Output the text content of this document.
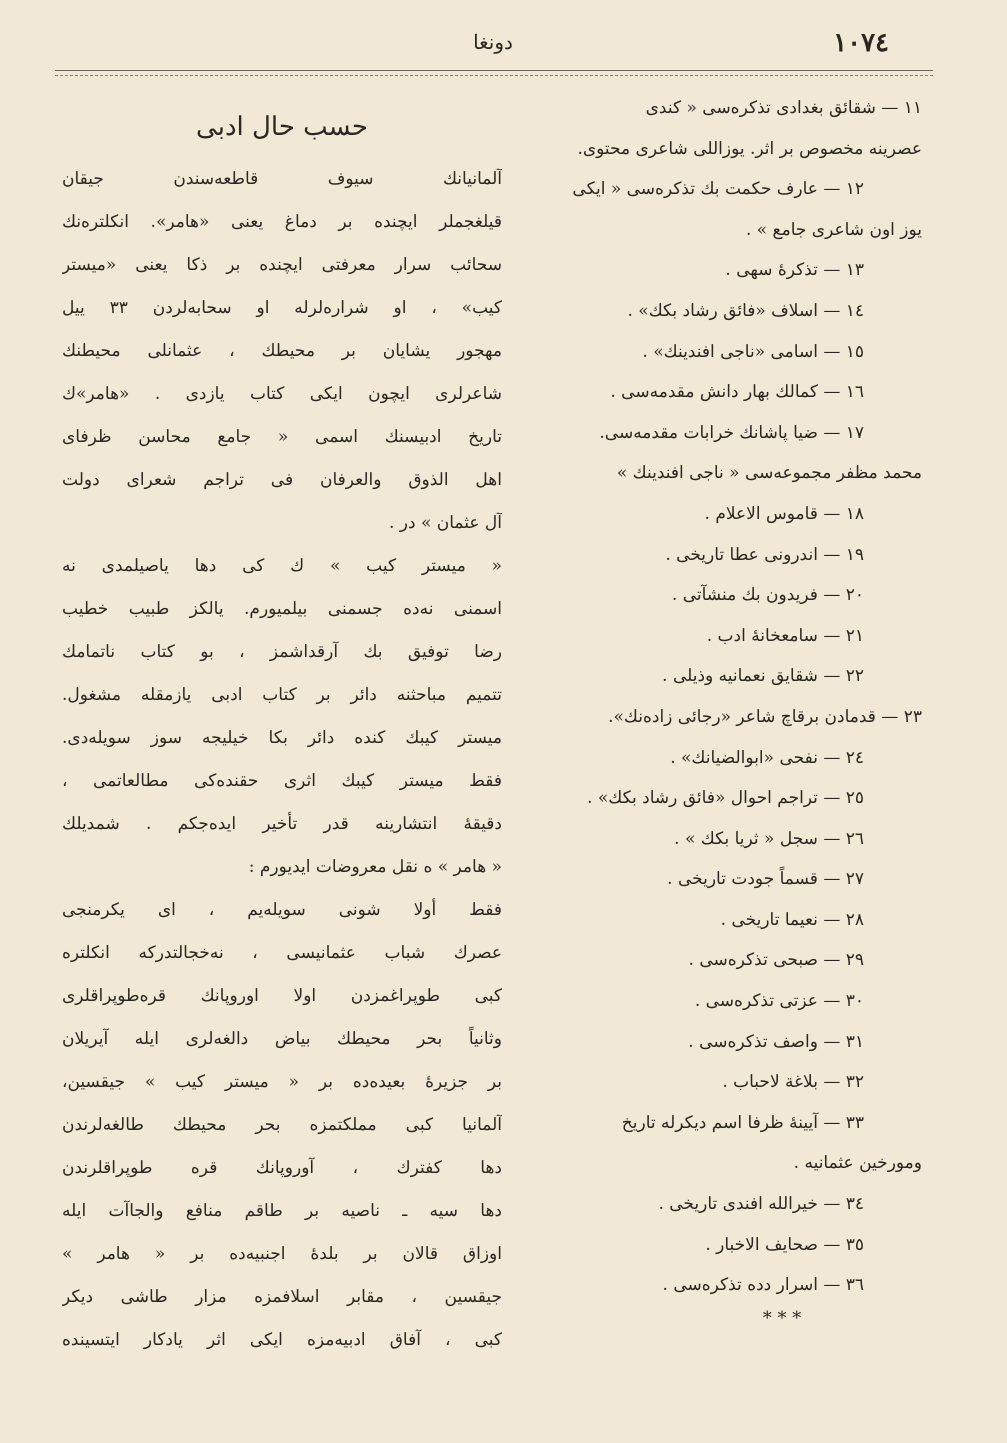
١٠٧٤
دونغا
١١ — شقائق بغدادی تذکرەسی « کندی
عصرینه مخصوص بر اثر. یوزاللی شاعری محتوی.
١٢ — عارف حکمت بك تذکرەسی « ایکی
یوز اون شاعری جامع » .
١٣ — تذکرۀ سهی .
١٤ — اسلاف «فائق رشاد بکك» .
١٥ — اسامی «ناجی افندینك» .
١٦ — کمالك بهار دانش مقدمەسی .
١٧ — ضیا پاشانك خرابات مقدمەسی.
محمد مظفر مجموعەسی « ناجی افندینك »
١٨ — قاموس الاعلام .
١٩ — اندرونی عطا تاریخی .
٢٠ — فریدون بك منشآتی .
٢١ — سامعخانۀ ادب .
٢٢ — شقایق نعمانیه وذیلی .
٢٣ — قدمادن برقاچ شاعر «رجائی زادەنك».
٢٤ — نفحی «ابوالضیانك» .
٢٥ — تراجم احوال «فائق رشاد بکك» .
٢٦ — سجل « ثریا بکك » .
٢٧ — قسماً جودت تاریخی .
٢٨ — نعیما تاریخی .
٢٩ — صبحی تذکرەسی .
٣٠ — عزتی تذکرەسی .
٣١ — واصف تذکرەسی .
٣٢ — بلاغة لاحباب .
٣٣ — آیینۀ ظرفا اسم دیکرله تاریخ
ومورخین عثمانیه .
٣٤ — خیرالله افندی تاریخی .
٣٥ — صحایف الاخبار .
٣٦ — اسرار دده تذکرەسی .
* * *
حسب حال ادبی
آلمانیانك سیوف قاطعەسندن جیقان
قیلغجملر ایچندە بر دماغ یعنی «هامر». انکلترەنك
سحائب سرار معرفتی ایچندە بر ذکا یعنی «میستر
کیب» ، او شرارەلرله او سحابەلردن ٣٣ ییل
مهجور یشایان بر محیطك ، عثمانلی محیطنك
شاعرلری ایچون ایکی کتاب یازدی . «هامر»ك
تاریخ ادبیسنك اسمی « جامع محاسن ظرفای
اهل الذوق والعرفان فی تراجم شعرای دولت
آل عثمان » در .
« میستر کیب » ك کی دها یاصیلمدی نه
اسمنی نەدە جسمنی بیلمیورم. یالکز طبیب خطیب
رضا توفیق بك آرقداشمز ، بو کتاب ناتمامك
تتمیم مباحثنه دائر بر کتاب ادبی یازمقله مشغول.
میستر کیبك کندە دائر بکا خیلیجه سوز سویلەدی.
فقط میستر کیبك اثری حقندەکی مطالعاتمی ،
دقیقۀ انتشارینه قدر تأخیر ایدەجکم . شمدیلك
« هامر » ە نقل معروضات ایدیورم :
فقط أولا شونی سویلەیم ، ای یکرمنجی
عصرك شباب عثمانیسی ، نەخجالتدرکه انکلترە
کبی طوپراغمزدن اولا اوروپانك قرەطوپراقلری
وثانیاً بحر محیطك بیاض دالغەلری ایله آیریلان
بر جزیرۀ بعیدەدە بر « میستر کیب » جیقسین،
آلمانیا کبی مملکتمزە بحر محیطك طالغەلرندن
دها کفترك ، آوروپانك قرە طوپراقلرندن
دها سیە ـ ناصیه بر طاقم منافع والجاآت ایله
اوزاق قالان بر بلدۀ اجنبیەدە بر « هامر »
جیقسین ، مقابر اسلافمزە مزار طاشی دیکر
کبی ، آفاق ادبیەمزە ایکی اثر یادکار ایتسینده
